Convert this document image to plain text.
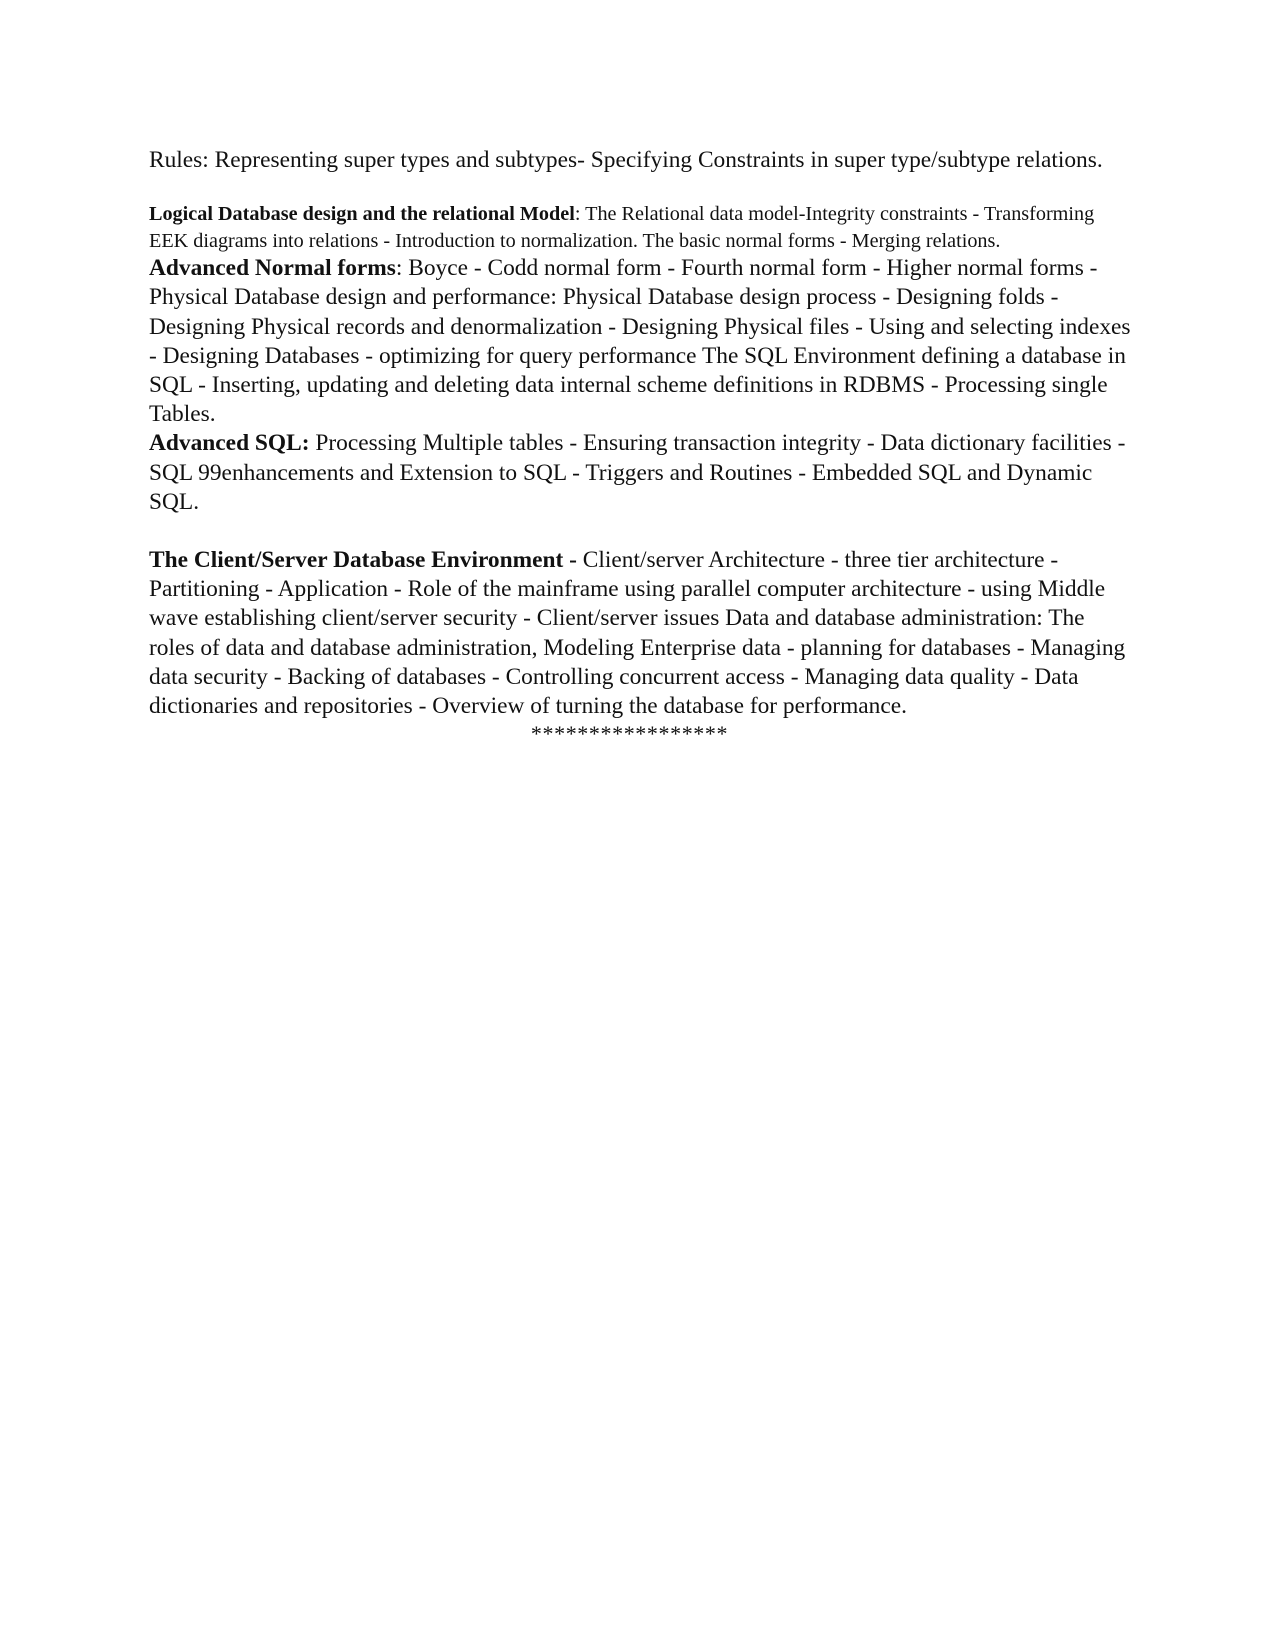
Rules: Representing super types and subtypes- Specifying Constraints in super type/subtype relations.

Logical Database design and the relational Model: The Relational data model-Integrity constraints - Transforming EEK diagrams into relations - Introduction to normalization. The basic normal forms - Merging relations.

Advanced Normal forms: Boyce - Codd normal form - Fourth normal form - Higher normal forms - Physical Database design and performance: Physical Database design process - Designing folds - Designing Physical records and denormalization - Designing Physical files - Using and selecting indexes - Designing Databases - optimizing for query performance The SQL Environment defining a database in SQL - Inserting, updating and deleting data internal scheme definitions in RDBMS - Processing single Tables.

Advanced SQL: Processing Multiple tables - Ensuring transaction integrity - Data dictionary facilities - SQL 99enhancements and Extension to SQL - Triggers and Routines - Embedded SQL and Dynamic SQL.

The Client/Server Database Environment - Client/server Architecture - three tier architecture - Partitioning - Application - Role of the mainframe using parallel computer architecture - using Middle wave establishing client/server security - Client/server issues Data and database administration: The roles of data and database administration, Modeling Enterprise data - planning for databases - Managing data security - Backing of databases - Controlling concurrent access - Managing data quality - Data dictionaries and repositories - Overview of turning the database for performance.

*****************
